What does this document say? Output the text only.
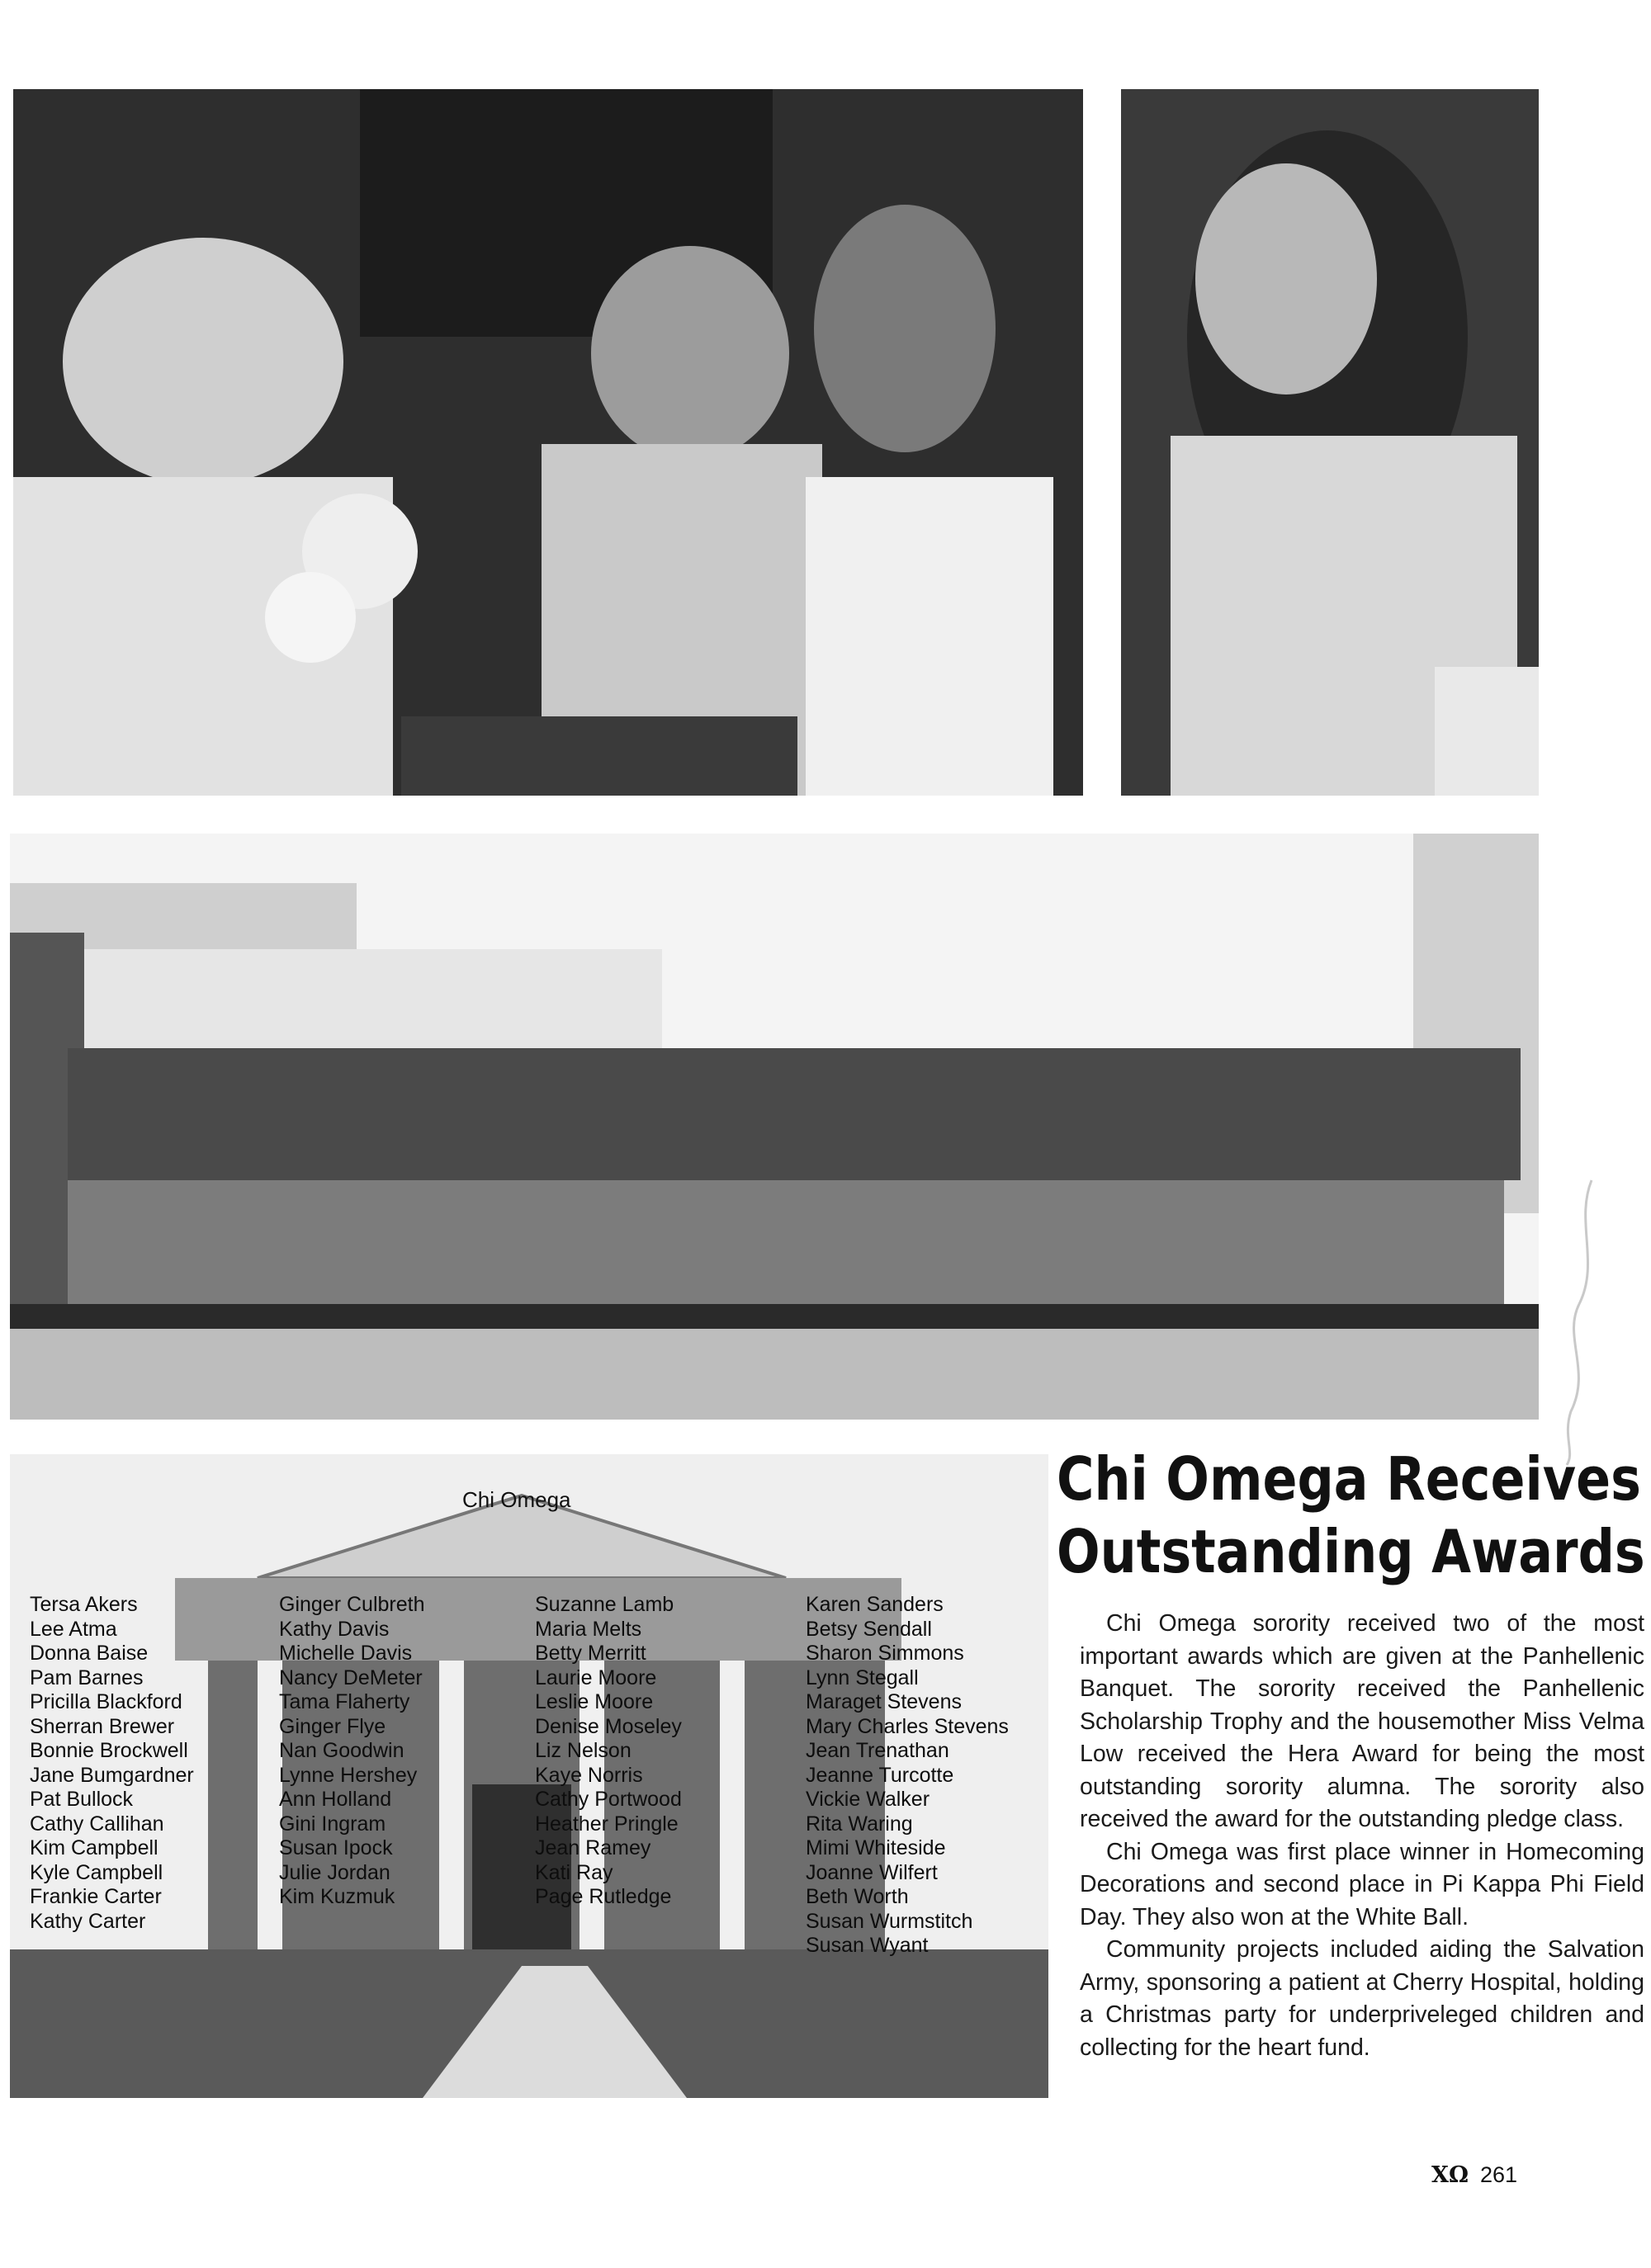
Chi Omega
Tersa Akers
Lee Atma
Donna Baise
Pam Barnes
Pricilla Blackford
Sherran Brewer
Bonnie Brockwell
Jane Bumgardner
Pat Bullock
Cathy Callihan
Kim Campbell
Kyle Campbell
Frankie Carter
Kathy Carter
Ginger Culbreth
Kathy Davis
Michelle Davis
Nancy DeMeter
Tama Flaherty
Ginger Flye
Nan Goodwin
Lynne Hershey
Ann Holland
Gini Ingram
Susan Ipock
Julie Jordan
Kim Kuzmuk
Suzanne Lamb
Maria Melts
Betty Merritt
Laurie Moore
Leslie Moore
Denise Moseley
Liz Nelson
Kaye Norris
Cathy Portwood
Heather Pringle
Jean Ramey
Kati Ray
Page Rutledge
Karen Sanders
Betsy Sendall
Sharon Simmons
Lynn Stegall
Maraget Stevens
Mary Charles Stevens
Jean Trenathan
Jeanne Turcotte
Vickie Walker
Rita Waring
Mimi Whiteside
Joanne Wilfert
Beth Worth
Susan Wurmstitch
Susan Wyant
Chi Omega Receives
Outstanding Awards

Chi Omega sorority received two of the most important awards which are given at the Panhellenic Banquet. The sorority received the Panhellenic Scholarship Trophy and the housemother Miss Velma Low received the Hera Award for being the most outstanding sorority alumna. The sorority also received the award for the outstanding pledge class.

Chi Omega was first place winner in Homecoming Decorations and second place in Pi Kappa Phi Field Day. They also won at the White Ball.

Community projects included aiding the Salvation Army, sponsoring a patient at Cherry Hospital, holding a Christmas party for underpriveleged children and collecting for the heart fund.

ΧΩ 261
